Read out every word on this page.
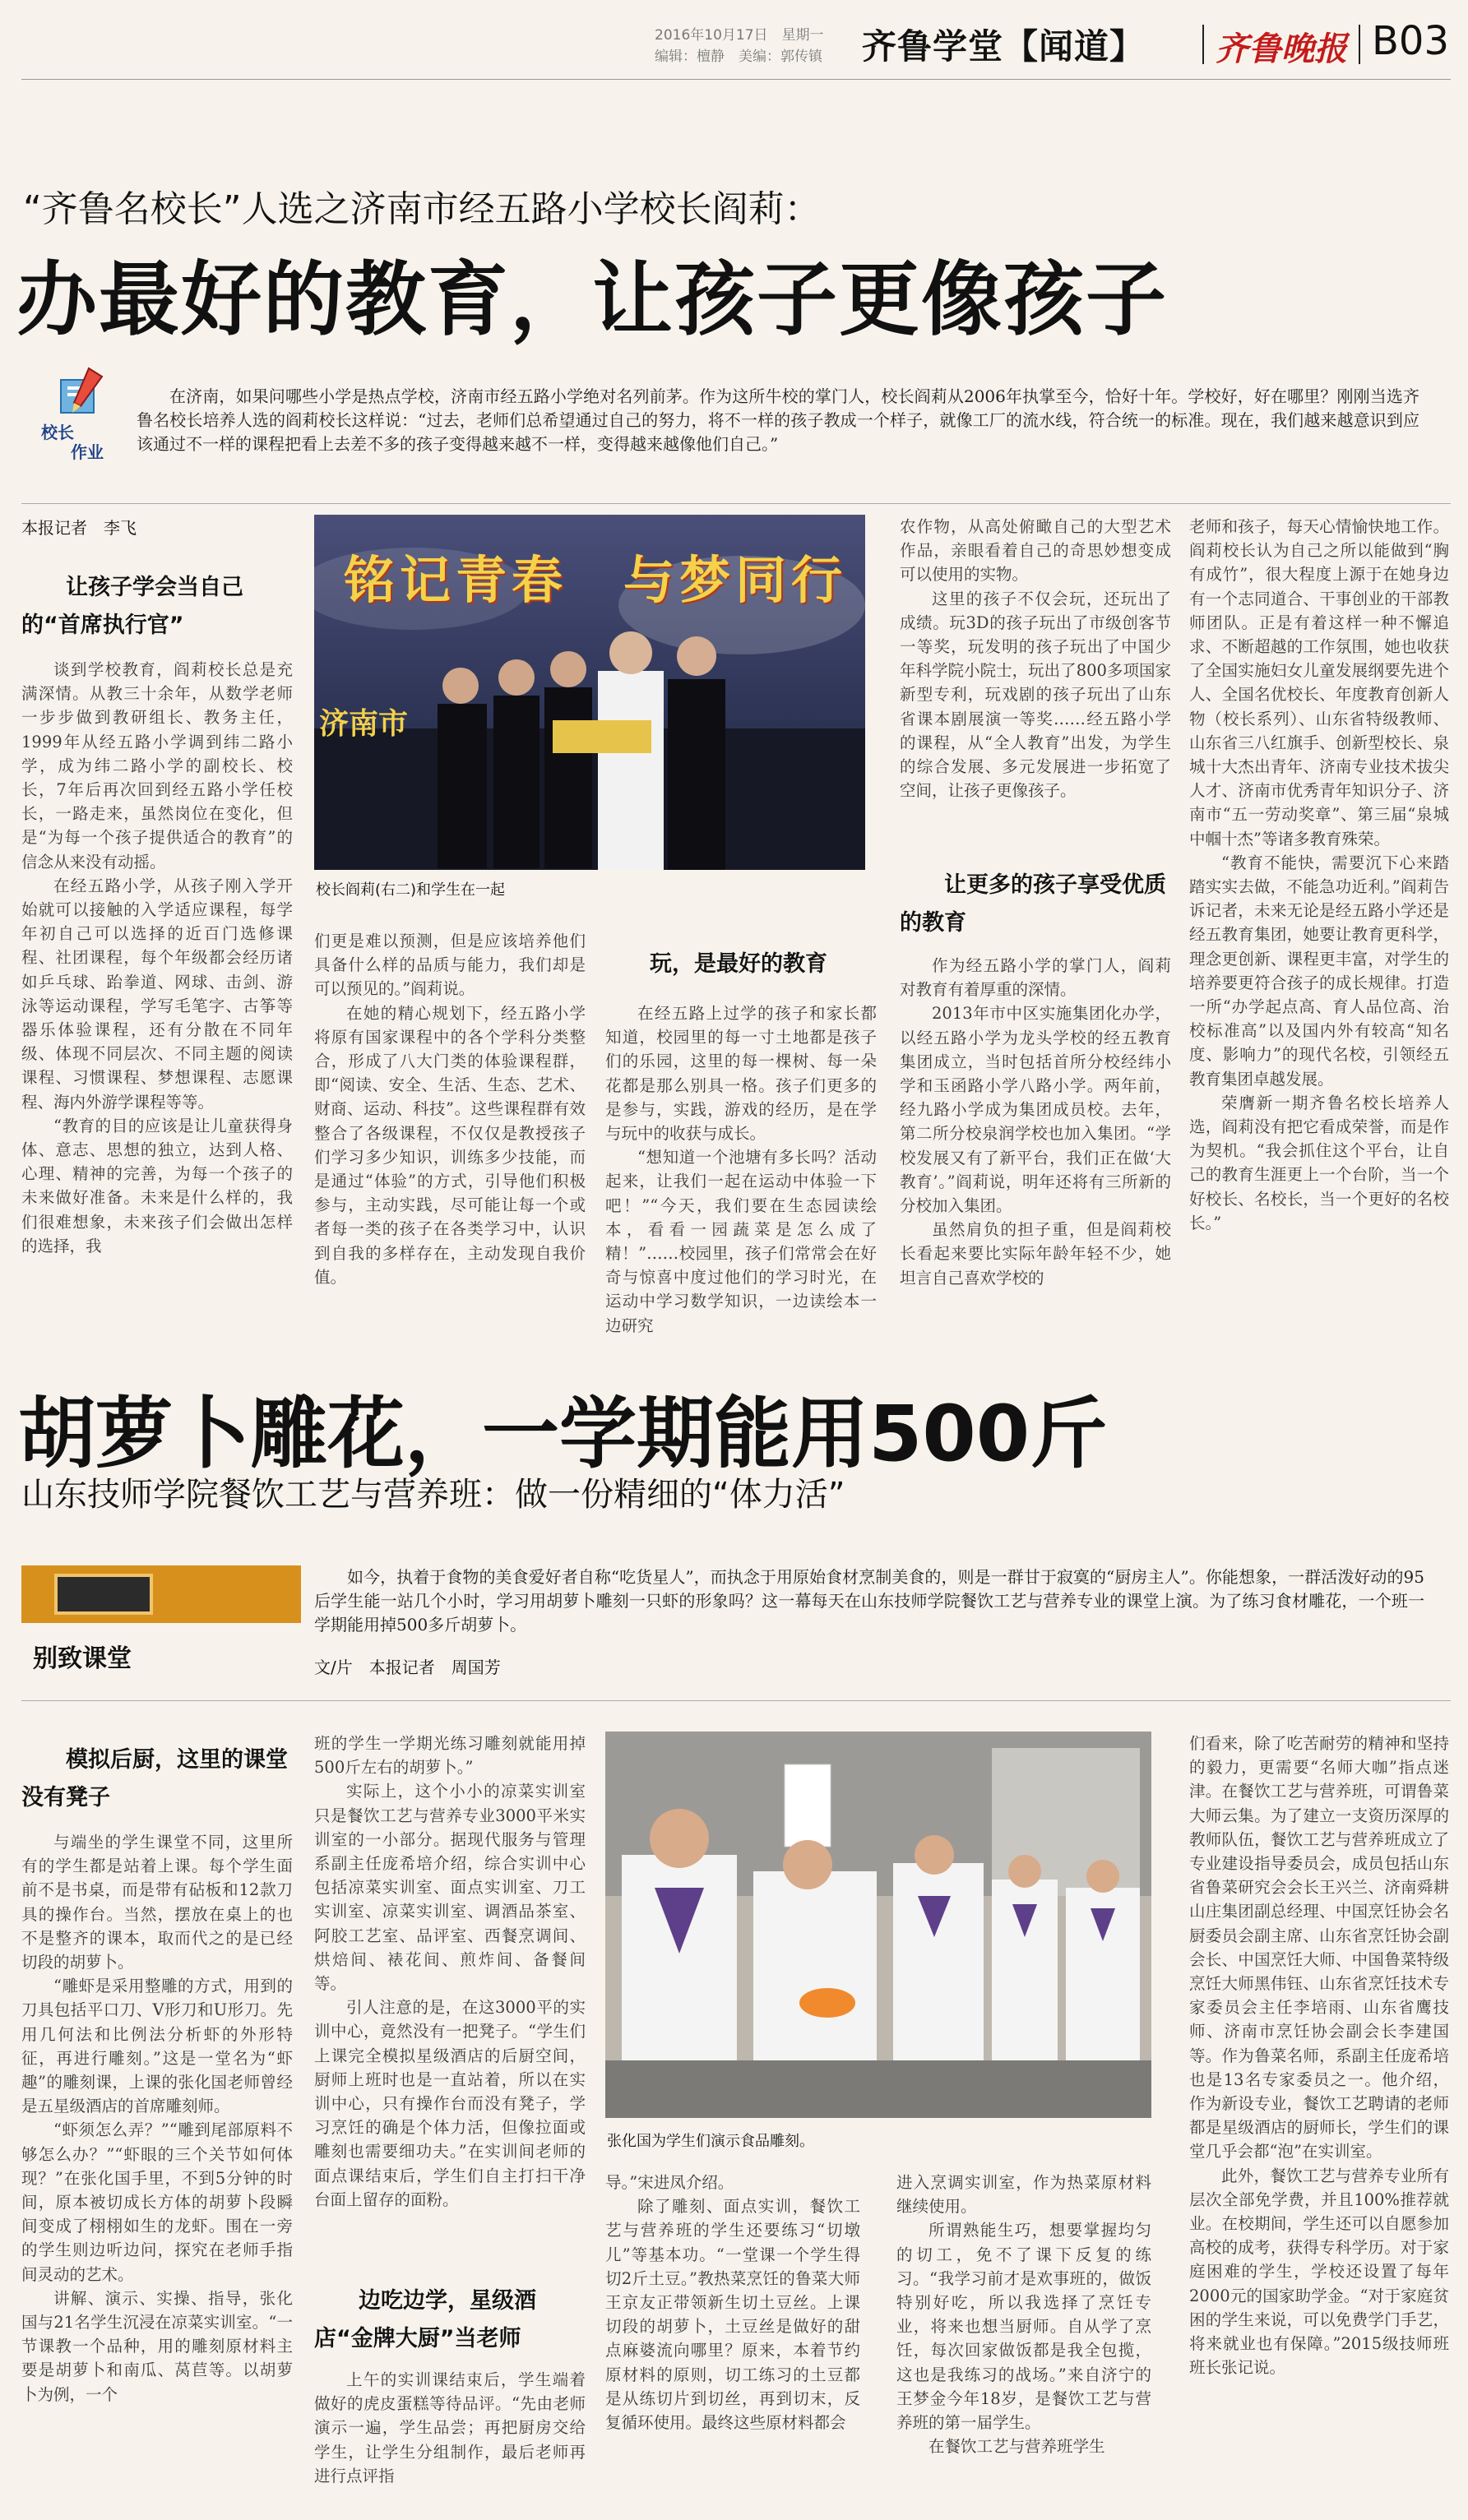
2016年10月17日　星期一
编辑：檀静　美编：郭传镇 齐鲁学堂【闻道】 齐鲁晚报 B03
“齐鲁名校长”人选之济南市经五路小学校长阎莉：
办最好的教育，让孩子更像孩子
校长
作业
在济南，如果问哪些小学是热点学校，济南市经五路小学绝对名列前茅。作为这所牛校的掌门人，校长阎莉从2006年执掌至今，恰好十年。学校好，好在哪里？刚刚当选齐鲁名校长培养人选的阎莉校长这样说：“过去，老师们总希望通过自己的努力，将不一样的孩子教成一个样子，就像工厂的流水线，符合统一的标准。现在，我们越来越意识到应该通过不一样的课程把看上去差不多的孩子变得越来越不一样，变得越来越像他们自己。”
本报记者　李飞
让孩子学会当自己的“首席执行官”

谈到学校教育，阎莉校长总是充满深情。从教三十余年，从数学老师一步步做到教研组长、教务主任，1999年从经五路小学调到纬二路小学，成为纬二路小学的副校长、校长，7年后再次回到经五路小学任校长，一路走来，虽然岗位在变化，但是“为每一个孩子提供适合的教育”的信念从来没有动摇。

在经五路小学，从孩子刚入学开始就可以接触的入学适应课程，每学年初自己可以选择的近百门选修课程、社团课程，每个年级都会经历诸如乒乓球、跆拳道、网球、击剑、游泳等运动课程，学写毛笔字、古筝等器乐体验课程，还有分散在不同年级、体现不同层次、不同主题的阅读课程、习惯课程、梦想课程、志愿课程、海内外游学课程等等。

“教育的目的应该是让儿童获得身体、意志、思想的独立，达到人格、心理、精神的完善，为每一个孩子的未来做好准备。未来是什么样的，我们很难想象，未来孩子们会做出怎样的选择，我

铭记青春　与梦同行
济南市
校长阎莉(右二)和学生在一起

们更是难以预测，但是应该培养他们具备什么样的品质与能力，我们却是可以预见的。”阎莉说。

在她的精心规划下，经五路小学将原有国家课程中的各个学科分类整合，形成了八大门类的体验课程群，即“阅读、安全、生活、生态、艺术、财商、运动、科技”。这些课程群有效整合了各级课程，不仅仅是教授孩子们学习多少知识，训练多少技能，而是通过“体验”的方式，引导他们积极参与，主动实践，尽可能让每一个或者每一类的孩子在各类学习中，认识到自我的多样存在，主动发现自我价值。

玩，是最好的教育

在经五路上过学的孩子和家长都知道，校园里的每一寸土地都是孩子们的乐园，这里的每一棵树、每一朵花都是那么别具一格。孩子们更多的是参与，实践，游戏的经历，是在学与玩中的收获与成长。

“想知道一个池塘有多长吗？活动起来，让我们一起在运动中体验一下吧！”“今天，我们要在生态园读绘本，看看一园蔬菜是怎么成了精！”……校园里，孩子们常常会在好奇与惊喜中度过他们的学习时光，在运动中学习数学知识，一边读绘本一边研究

农作物，从高处俯瞰自己的大型艺术作品，亲眼看着自己的奇思妙想变成可以使用的实物。

这里的孩子不仅会玩，还玩出了成绩。玩3D的孩子玩出了市级创客节一等奖，玩发明的孩子玩出了中国少年科学院小院士，玩出了800多项国家新型专利，玩戏剧的孩子玩出了山东省课本剧展演一等奖……经五路小学的课程，从“全人教育”出发，为学生的综合发展、多元发展进一步拓宽了空间，让孩子更像孩子。

让更多的孩子享受优质的教育

作为经五路小学的掌门人，阎莉对教育有着厚重的深情。

2013年市中区实施集团化办学，以经五路小学为龙头学校的经五教育集团成立，当时包括首所分校经纬小学和玉函路小学八路小学。两年前，经九路小学成为集团成员校。去年，第二所分校泉润学校也加入集团。“学校发展又有了新平台，我们正在做‘大教育’。”阎莉说，明年还将有三所新的分校加入集团。

虽然肩负的担子重，但是阎莉校长看起来要比实际年龄年轻不少，她坦言自己喜欢学校的

老师和孩子，每天心情愉快地工作。阎莉校长认为自己之所以能做到“胸有成竹”，很大程度上源于在她身边有一个志同道合、干事创业的干部教师团队。正是有着这样一种不懈追求、不断超越的工作氛围，她也收获了全国实施妇女儿童发展纲要先进个人、全国名优校长、年度教育创新人物（校长系列）、山东省特级教师、山东省三八红旗手、创新型校长、泉城十大杰出青年、济南专业技术拔尖人才、济南市优秀青年知识分子、济南市“五一劳动奖章”、第三届“泉城中帼十杰”等诸多教育殊荣。

“教育不能快，需要沉下心来踏踏实实去做，不能急功近利。”阎莉告诉记者，未来无论是经五路小学还是经五教育集团，她要让教育更科学，理念更创新、课程更丰富，对学生的培养要更符合孩子的成长规律。打造一所“办学起点高、育人品位高、治校标准高”以及国内外有较高“知名度、影响力”的现代名校，引领经五教育集团卓越发展。

荣膺新一期齐鲁名校长培养人选，阎莉没有把它看成荣誉，而是作为契机。“我会抓住这个平台，让自己的教育生涯更上一个台阶，当一个好校长、名校长，当一个更好的名校长。”

胡萝卜雕花，一学期能用500斤
山东技师学院餐饮工艺与营养班：做一份精细的“体力活”
别致课堂
如今，执着于食物的美食爱好者自称“吃货星人”，而执念于用原始食材烹制美食的，则是一群甘于寂寞的“厨房主人”。你能想象，一群活泼好动的95后学生能一站几个小时，学习用胡萝卜雕刻一只虾的形象吗？这一幕每天在山东技师学院餐饮工艺与营养专业的课堂上演。为了练习食材雕花，一个班一学期能用掉500多斤胡萝卜。
文/片　本报记者　周国芳
模拟后厨，这里的课堂没有凳子

与端坐的学生课堂不同，这里所有的学生都是站着上课。每个学生面前不是书桌，而是带有砧板和12款刀具的操作台。当然，摆放在桌上的也不是整齐的课本，取而代之的是已经切段的胡萝卜。

“雕虾是采用整雕的方式，用到的刀具包括平口刀、V形刀和U形刀。先用几何法和比例法分析虾的外形特征，再进行雕刻。”这是一堂名为“虾趣”的雕刻课，上课的张化国老师曾经是五星级酒店的首席雕刻师。

“虾须怎么弄？”“雕到尾部原料不够怎么办？”“虾眼的三个关节如何体现？”在张化国手里，不到5分钟的时间，原本被切成长方体的胡萝卜段瞬间变成了栩栩如生的龙虾。围在一旁的学生则边听边问，探究在老师手指间灵动的艺术。

讲解、演示、实操、指导，张化国与21名学生沉浸在凉菜实训室。“一节课教一个品种，用的雕刻原材料主要是胡萝卜和南瓜、莴苣等。以胡萝卜为例，一个

班的学生一学期光练习雕刻就能用掉500斤左右的胡萝卜。”

实际上，这个小小的凉菜实训室只是餐饮工艺与营养专业3000平米实训室的一小部分。据现代服务与管理系副主任庞希培介绍，综合实训中心包括凉菜实训室、面点实训室、刀工实训室、凉菜实训室、调酒品茶室、阿胶工艺室、品评室、西餐烹调间、烘焙间、裱花间、煎炸间、备餐间等。

引人注意的是，在这3000平的实训中心，竟然没有一把凳子。“学生们上课完全模拟星级酒店的后厨空间，厨师上班时也是一直站着，所以在实训中心，只有操作台而没有凳子，学习烹饪的确是个体力活，但像拉面或雕刻也需要细功夫。”在实训间老师的面点课结束后，学生们自主打扫干净台面上留存的面粉。

边吃边学，星级酒店“金牌大厨”当老师

上午的实训课结束后，学生端着做好的虎皮蛋糕等待品评。“先由老师演示一遍，学生品尝；再把厨房交给学生，让学生分组制作，最后老师再进行点评指

张化国为学生们演示食品雕刻。

导。”宋进凤介绍。

除了雕刻、面点实训，餐饮工艺与营养班的学生还要练习“切墩儿”等基本功。“一堂课一个学生得切2斤土豆。”教热菜烹饪的鲁菜大师王京友正带领新生切土豆丝。上课切段的胡萝卜，土豆丝是做好的甜点麻婆流向哪里？原来，本着节约原材料的原则，切工练习的土豆都是从练切片到切丝，再到切末，反复循环使用。最终这些原材料都会

进入烹调实训室，作为热菜原材料继续使用。

所谓熟能生巧，想要掌握均匀的切工，免不了课下反复的练习。“我学习前才是欢事班的，做饭特别好吃，所以我选择了烹饪专业，将来也想当厨师。自从学了烹饪，每次回家做饭都是我全包揽，这也是我练习的战场。”来自济宁的王梦金今年18岁，是餐饮工艺与营养班的第一届学生。

在餐饮工艺与营养班学生

们看来，除了吃苦耐劳的精神和坚持的毅力，更需要“名师大咖”指点迷津。在餐饮工艺与营养班，可谓鲁菜大师云集。为了建立一支资历深厚的教师队伍，餐饮工艺与营养班成立了专业建设指导委员会，成员包括山东省鲁菜研究会会长王兴兰、济南舜耕山庄集团副总经理、中国烹饪协会名厨委员会副主席、山东省烹饪协会副会长、中国烹饪大师、中国鲁菜特级烹饪大师黑伟钰、山东省烹饪技术专家委员会主任李培雨、山东省鹰技师、济南市烹饪协会副会长李建国等。作为鲁菜名师，系副主任庞希培也是13名专家委员之一。他介绍，作为新设专业，餐饮工艺聘请的老师都是星级酒店的厨师长，学生们的课堂几乎会都“泡”在实训室。

此外，餐饮工艺与营养专业所有层次全部免学费，并且100%推荐就业。在校期间，学生还可以自愿参加高校的成考，获得专科学历。对于家庭困难的学生，学校还设置了每年2000元的国家助学金。“对于家庭贫困的学生来说，可以免费学门手艺，将来就业也有保障。”2015级技师班班长张记说。
